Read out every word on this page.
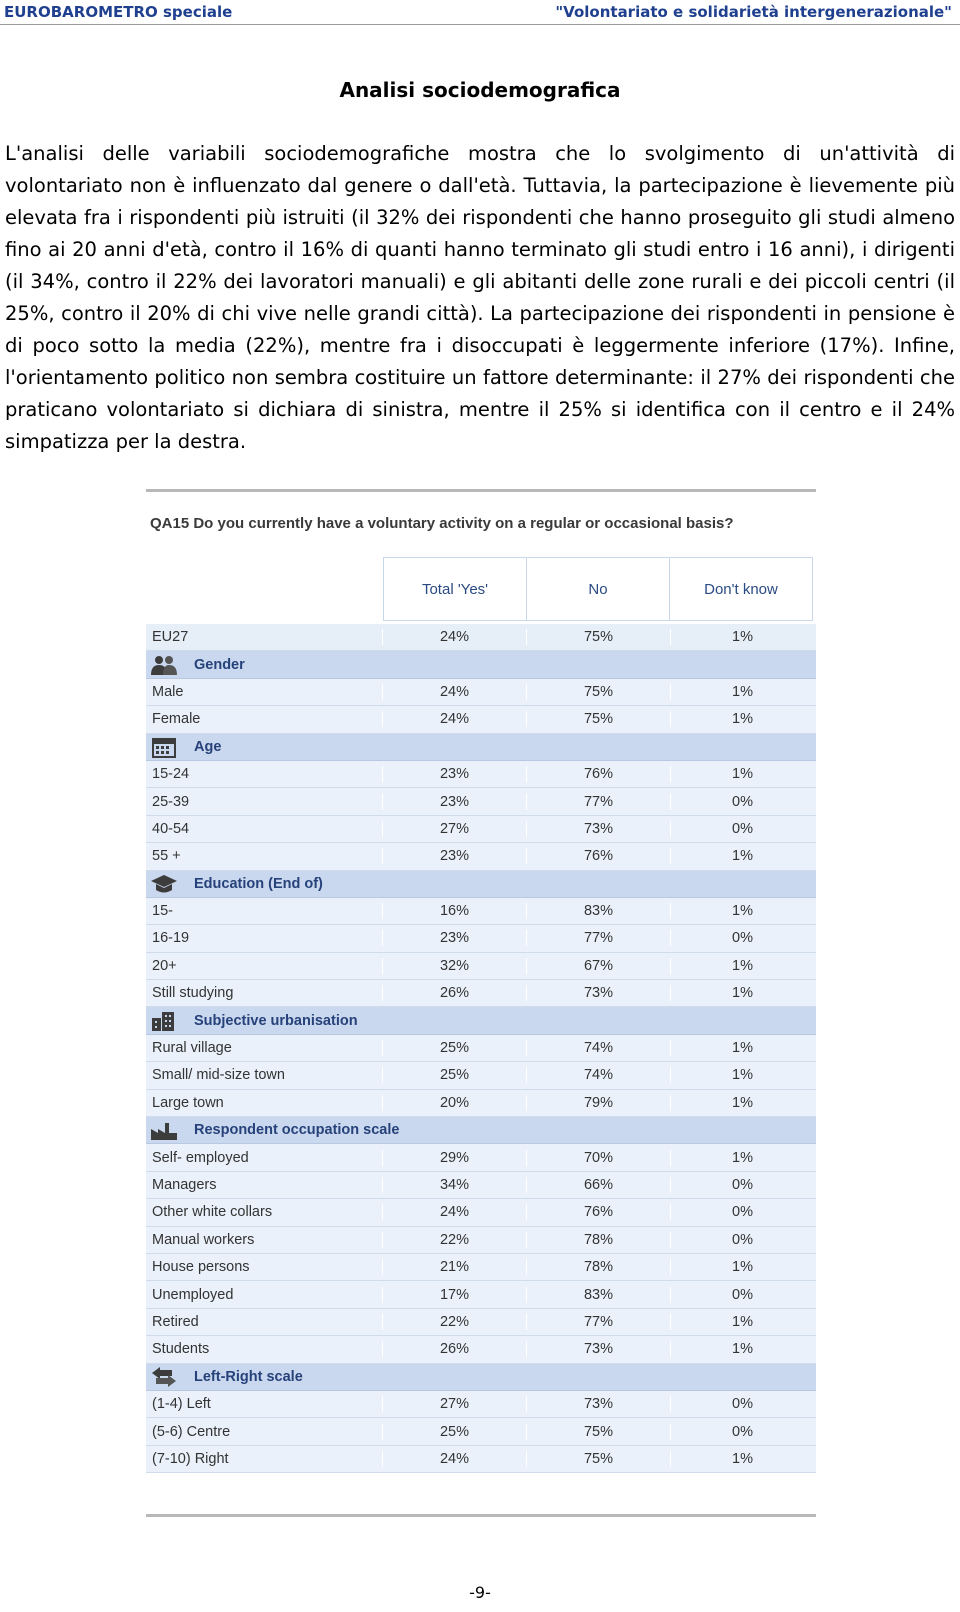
EUROBAROMETRO speciale	"Volontariato e solidarietà intergenerazionale"
Analisi sociodemografica
L'analisi delle variabili sociodemografiche mostra che lo svolgimento di un'attività di volontariato non è influenzato dal genere o dall'età. Tuttavia, la partecipazione è lievemente più elevata fra i rispondenti più istruiti (il 32% dei rispondenti che hanno proseguito gli studi almeno fino ai 20 anni d'età, contro il 16% di quanti hanno terminato gli studi entro i 16 anni), i dirigenti (il 34%, contro il 22% dei lavoratori manuali) e gli abitanti delle zone rurali e dei piccoli centri (il 25%, contro il 20% di chi vive nelle grandi città). La partecipazione dei rispondenti in pensione è di poco sotto la media (22%), mentre fra i disoccupati è leggermente inferiore (17%). Infine, l'orientamento politico non sembra costituire un fattore determinante: il 27% dei rispondenti che praticano volontariato si dichiara di sinistra, mentre il 25% si identifica con il centro e il 24% simpatizza per la destra.
QA15 Do you currently have a voluntary activity on a regular or occasional basis?
Total 'Yes'	No	Don't know
EU27	24%	75%	1%
Gender
Male	24%	75%	1%
Female	24%	75%	1%
Age
15-24	23%	76%	1%
25-39	23%	77%	0%
40-54	27%	73%	0%
55 +	23%	76%	1%
Education (End of)
15-	16%	83%	1%
16-19	23%	77%	0%
20+	32%	67%	1%
Still studying	26%	73%	1%
Subjective urbanisation
Rural village	25%	74%	1%
Small/ mid-size town	25%	74%	1%
Large town	20%	79%	1%
Respondent occupation scale
Self- employed	29%	70%	1%
Managers	34%	66%	0%
Other white collars	24%	76%	0%
Manual workers	22%	78%	0%
House persons	21%	78%	1%
Unemployed	17%	83%	0%
Retired	22%	77%	1%
Students	26%	73%	1%
Left-Right scale
(1-4) Left	27%	73%	0%
(5-6) Centre	25%	75%	0%
(7-10) Right	24%	75%	1%
-9-
